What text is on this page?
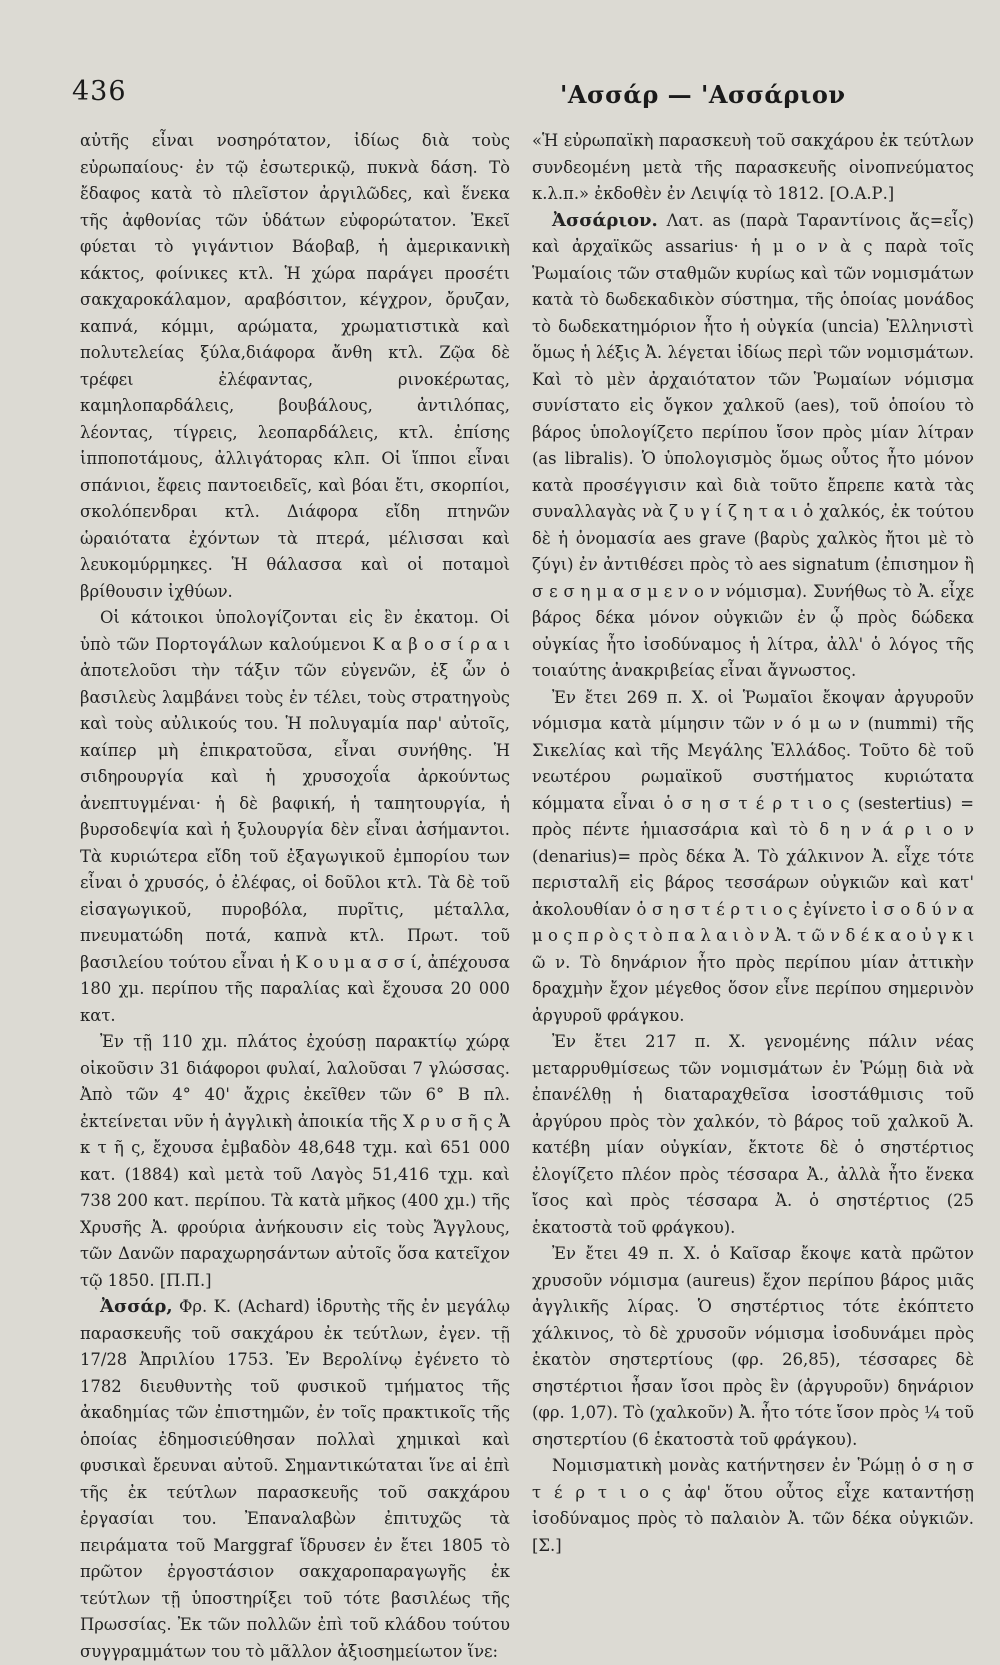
436	'Ασσάρ — 'Ασσάριον

αὐτῆς εἶναι νοσηρότατον, ἰδίως διὰ τοὺς εὐρωπαίους· ἐν τῷ ἐσωτερικῷ, πυκνὰ δάση. Τὸ ἔδαφος κατὰ τὸ πλεῖστον ἀργιλῶδες, καὶ ἕνεκα τῆς ἀφθονίας τῶν ὑδάτων εὐφορώτατον. Ἐκεῖ φύεται τὸ γιγάντιον Βάοβαβ, ἡ ἀμερικανικὴ κάκτος, φοίνικες κτλ. Ἡ χώρα παράγει προσέτι σακχαροκάλαμον, αραβόσιτον, κέγχρον, ὄρυζαν, καπνά, κόμμι, αρώματα, χρωματιστικὰ καὶ πολυτελείας ξύλα,διάφορα ἄνθη κτλ. Ζῷα δὲ τρέφει ἐλέφαντας, ρινοκέρωτας, καμηλοπαρδάλεις, βουβάλους, ἀντιλόπας, λέοντας, τίγρεις, λεοπαρδάλεις, κτλ. ἐπίσης ἱπποποτάμους, ἀλλιγάτορας κλπ. Οἱ ἵπποι εἶναι σπάνιοι, ἔφεις παντοειδεῖς, καὶ βόαι ἔτι, σκορπίοι, σκολόπενδραι κτλ. Διάφορα εἴδη πτηνῶν ὡραιότατα ἐχόντων τὰ πτερά, μέλισσαι καὶ λευκομύρμηκες. Ἡ θάλασσα καὶ οἱ ποταμοὶ βρίθουσιν ἰχθύων.

Οἱ κάτοικοι ὑπολογίζονται εἰς ἓν ἑκατομ. Οἱ ὑπὸ τῶν Πορτογάλων καλούμενοι Κ α β ο σ ί ρ α ι ἀποτελοῦσι τὴν τάξιν τῶν εὐγενῶν, ἐξ ὧν ὁ βασιλεὺς λαμβάνει τοὺς ἐν τέλει, τοὺς στρατηγοὺς καὶ τοὺς αὐλικούς του. Ἡ πολυγαμία παρ' αὐτοῖς, καίπερ μὴ ἐπικρατοῦσα, εἶναι συνήθης. Ἡ σιδηρουργία καὶ ἡ χρυσοχοΐα ἀρκούντως ἀνεπτυγμέναι· ἡ δὲ βαφική, ἡ ταπητουργία, ἡ βυρσοδεψία καὶ ἡ ξυλουργία δὲν εἶναι ἀσήμαντοι. Τὰ κυριώτερα εἴδη τοῦ ἐξαγωγικοῦ ἐμπορίου των εἶναι ὁ χρυσός, ὁ ἐλέφας, οἱ δοῦλοι κτλ. Τὰ δὲ τοῦ εἰσαγωγικοῦ, πυροβόλα, πυρῖτις, μέταλλα, πνευματώδη ποτά, καπνὰ κτλ. Πρωτ. τοῦ βασιλείου τούτου εἶναι ἡ Κ ο υ μ α σ σ ί, ἀπέχουσα 180 χμ. περίπου τῆς παραλίας καὶ ἔχουσα 20 000 κατ.

Ἐν τῇ 110 χμ. πλάτος ἐχούσῃ παρακτίῳ χώρᾳ οἰκοῦσιν 31 διάφοροι φυλαί, λαλοῦσαι 7 γλώσσας. Ἀπὸ τῶν 4° 40' ἄχρις ἐκεῖθεν τῶν 6° Β πλ. ἐκτείνεται νῦν ἡ ἀγγλικὴ ἀποικία τῆς Χ ρ υ σ ῆ ς Ἀ κ τ ῆ ς, ἔχουσα ἐμβαδὸν 48,648 τχμ. καὶ 651 000 κατ. (1884) καὶ μετὰ τοῦ Λαγὸς 51,416 τχμ. καὶ 738 200 κατ. περίπου. Τὰ κατὰ μῆκος (400 χμ.) τῆς Χρυσῆς Ἀ. φρούρια ἀνήκουσιν εἰς τοὺς Ἄγγλους, τῶν Δανῶν παραχωρησάντων αὐτοῖς ὅσα κατεῖχον τῷ 1850. [Π.Π.]

Ἀσσάρ, Φρ. Κ. (Achard) ἱδρυτὴς τῆς ἐν μεγάλῳ παρασκευῆς τοῦ σακχάρου ἐκ τεύτλων, ἐγεν. τῇ 17/28 Ἀπριλίου 1753. Ἐν Βερολίνῳ ἐγένετο τὸ 1782 διευθυντὴς τοῦ φυσικοῦ τμήματος τῆς ἀκαδημίας τῶν ἐπιστημῶν, ἐν τοῖς πρακτικοῖς τῆς ὁποίας ἐδημοσιεύθησαν πολλαὶ χημικαὶ καὶ φυσικαὶ ἔρευναι αὐτοῦ. Σημαντικώταται ἵνε αἱ ἐπὶ τῆς ἐκ τεύτλων παρασκευῆς τοῦ σακχάρου ἐργασίαι του. Ἐπαναλαβὼν ἐπιτυχῶς τὰ πειράματα τοῦ Marggraf ἵδρυσεν ἐν ἔτει 1805 τὸ πρῶτον ἐργοστάσιον σακχαροπαραγωγῆς ἐκ τεύτλων τῇ ὑποστηρίξει τοῦ τότε βασιλέως τῆς Πρωσσίας. Ἐκ τῶν πολλῶν ἐπὶ τοῦ κλάδου τούτου συγγραμμάτων του τὸ μᾶλλον ἀξιοσημείωτον ἵνε:

«Ἡ εὐρωπαϊκὴ παρασκευὴ τοῦ σακχάρου ἐκ τεύτλων συνδεομένη μετὰ τῆς παρασκευῆς οἰνοπνεύματος κ.λ.π.» ἐκδοθὲν ἐν Λειψίᾳ τὸ 1812. [Ο.Α.Ρ.]

Ἀσσάριον. Λατ. as (παρὰ Ταραντίνοις ἄς=εἷς) καὶ ἀρχαϊκῶς assarius· ἡ μ ο ν ὰ ς παρὰ τοῖς Ῥωμαίοις τῶν σταθμῶν κυρίως καὶ τῶν νομισμάτων κατὰ τὸ δωδεκαδικὸν σύστημα, τῆς ὁποίας μονάδος τὸ δωδεκατημόριον ἦτο ἡ οὐγκία (uncia) Ἑλληνιστὶ ὅμως ἡ λέξις Ἀ. λέγεται ἰδίως περὶ τῶν νομισμάτων. Καὶ τὸ μὲν ἀρχαιότατον τῶν Ῥωμαίων νόμισμα συνίστατο εἰς ὄγκον χαλκοῦ (aes), τοῦ ὁποίου τὸ βάρος ὑπολογίζετο περίπου ἴσον πρὸς μίαν λίτραν (as libralis). Ὁ ὑπολογισμὸς ὅμως οὗτος ἦτο μόνον κατὰ προσέγγισιν καὶ διὰ τοῦτο ἔπρεπε κατὰ τὰς συναλλαγὰς νὰ ζ υ γ ί ζ η τ α ι ὁ χαλκός, ἐκ τούτου δὲ ἡ ὀνομασία aes grave (βαρὺς χαλκὸς ἤτοι μὲ τὸ ζύγι) ἐν ἀντιθέσει πρὸς τὸ aes signatum (ἐπισημον ἢ σ ε σ η μ α σ μ ε ν ο ν νόμισμα). Συνήθως τὸ Ἀ. εἶχε βάρος δέκα μόνον οὐγκιῶν ἐν ᾧ πρὸς δώδεκα οὐγκίας ἦτο ἰσοδύναμος ἡ λίτρα, ἀλλ' ὁ λόγος τῆς τοιαύτης ἀνακριβείας εἶναι ἄγνωστος.

Ἐν ἔτει 269 π. Χ. οἱ Ῥωμαῖοι ἔκοψαν ἀργυροῦν νόμισμα κατὰ μίμησιν τῶν ν ό μ ω ν (nummi) τῆς Σικελίας καὶ τῆς Μεγάλης Ἑλλάδος. Τοῦτο δὲ τοῦ νεωτέρου ρωμαϊκοῦ συστήματος κυριώτατα κόμματα εἶναι ὁ σ η σ τ έ ρ τ ι ο ς (sestertius) = πρὸς πέντε ἡμιασσάρια καὶ τὸ δ η ν ά ρ ι ο ν (denarius)= πρὸς δέκα Ἀ. Τὸ χάλκινον Ἀ. εἶχε τότε περισταλῆ εἰς βάρος τεσσάρων οὐγκιῶν καὶ κατ' ἀκολουθίαν ὁ σ η σ τ έ ρ τ ι ο ς ἐγίνετο ἰ σ ο δ ύ ν α μ ο ς π ρ ὸ ς τ ὸ π α λ α ι ὸ ν Ἀ. τ ῶ ν δ έ κ α ο ὐ γ κ ι ῶ ν. Τὸ δηνάριον ἦτο πρὸς περίπου μίαν ἀττικὴν δραχμὴν ἔχον μέγεθος ὅσον εἶνε περίπου σημερινὸν ἀργυροῦ φράγκου.

Ἐν ἔτει 217 π. Χ. γενομένης πάλιν νέας μεταρρυθμίσεως τῶν νομισμάτων ἐν Ῥώμῃ διὰ νὰ ἐπανέλθῃ ἡ διαταραχθεῖσα ἰσοστάθμισις τοῦ ἀργύρου πρὸς τὸν χαλκόν, τὸ βάρος τοῦ χαλκοῦ Ἀ. κατέβη μίαν οὐγκίαν, ἔκτοτε δὲ ὁ σηστέρτιος ἐλογίζετο πλέον πρὸς τέσσαρα Ἀ., ἀλλὰ ἦτο ἕνεκα ἴσος καὶ πρὸς τέσσαρα Ἀ. ὁ σηστέρτιος (25 ἑκατοστὰ τοῦ φράγκου).

Ἐν ἔτει 49 π. Χ. ὁ Καῖσαρ ἔκοψε κατὰ πρῶτον χρυσοῦν νόμισμα (aureus) ἔχον περίπου βάρος μιᾶς ἀγγλικῆς λίρας. Ὁ σηστέρτιος τότε ἐκόπτετο χάλκινος, τὸ δὲ χρυσοῦν νόμισμα ἰσοδυνάμει πρὸς ἑκατὸν σηστερτίους (φρ. 26,85), τέσσαρες δὲ σηστέρτιοι ἦσαν ἴσοι πρὸς ἓν (ἀργυροῦν) δηνάριον (φρ. 1,07). Τὸ (χαλκοῦν) Ἀ. ἦτο τότε ἴσον πρὸς ¼ τοῦ σηστερτίου (6 ἑκατοστὰ τοῦ φράγκου).

Νομισματικὴ μονὰς κατήντησεν ἐν Ῥώμῃ ὁ σ η σ τ έ ρ τ ι ο ς ἀφ' ὅτου οὗτος εἶχε καταντήσῃ ἰσοδύναμος πρὸς τὸ παλαιὸν Ἀ. τῶν δέκα οὐγκιῶν. [Σ.]
